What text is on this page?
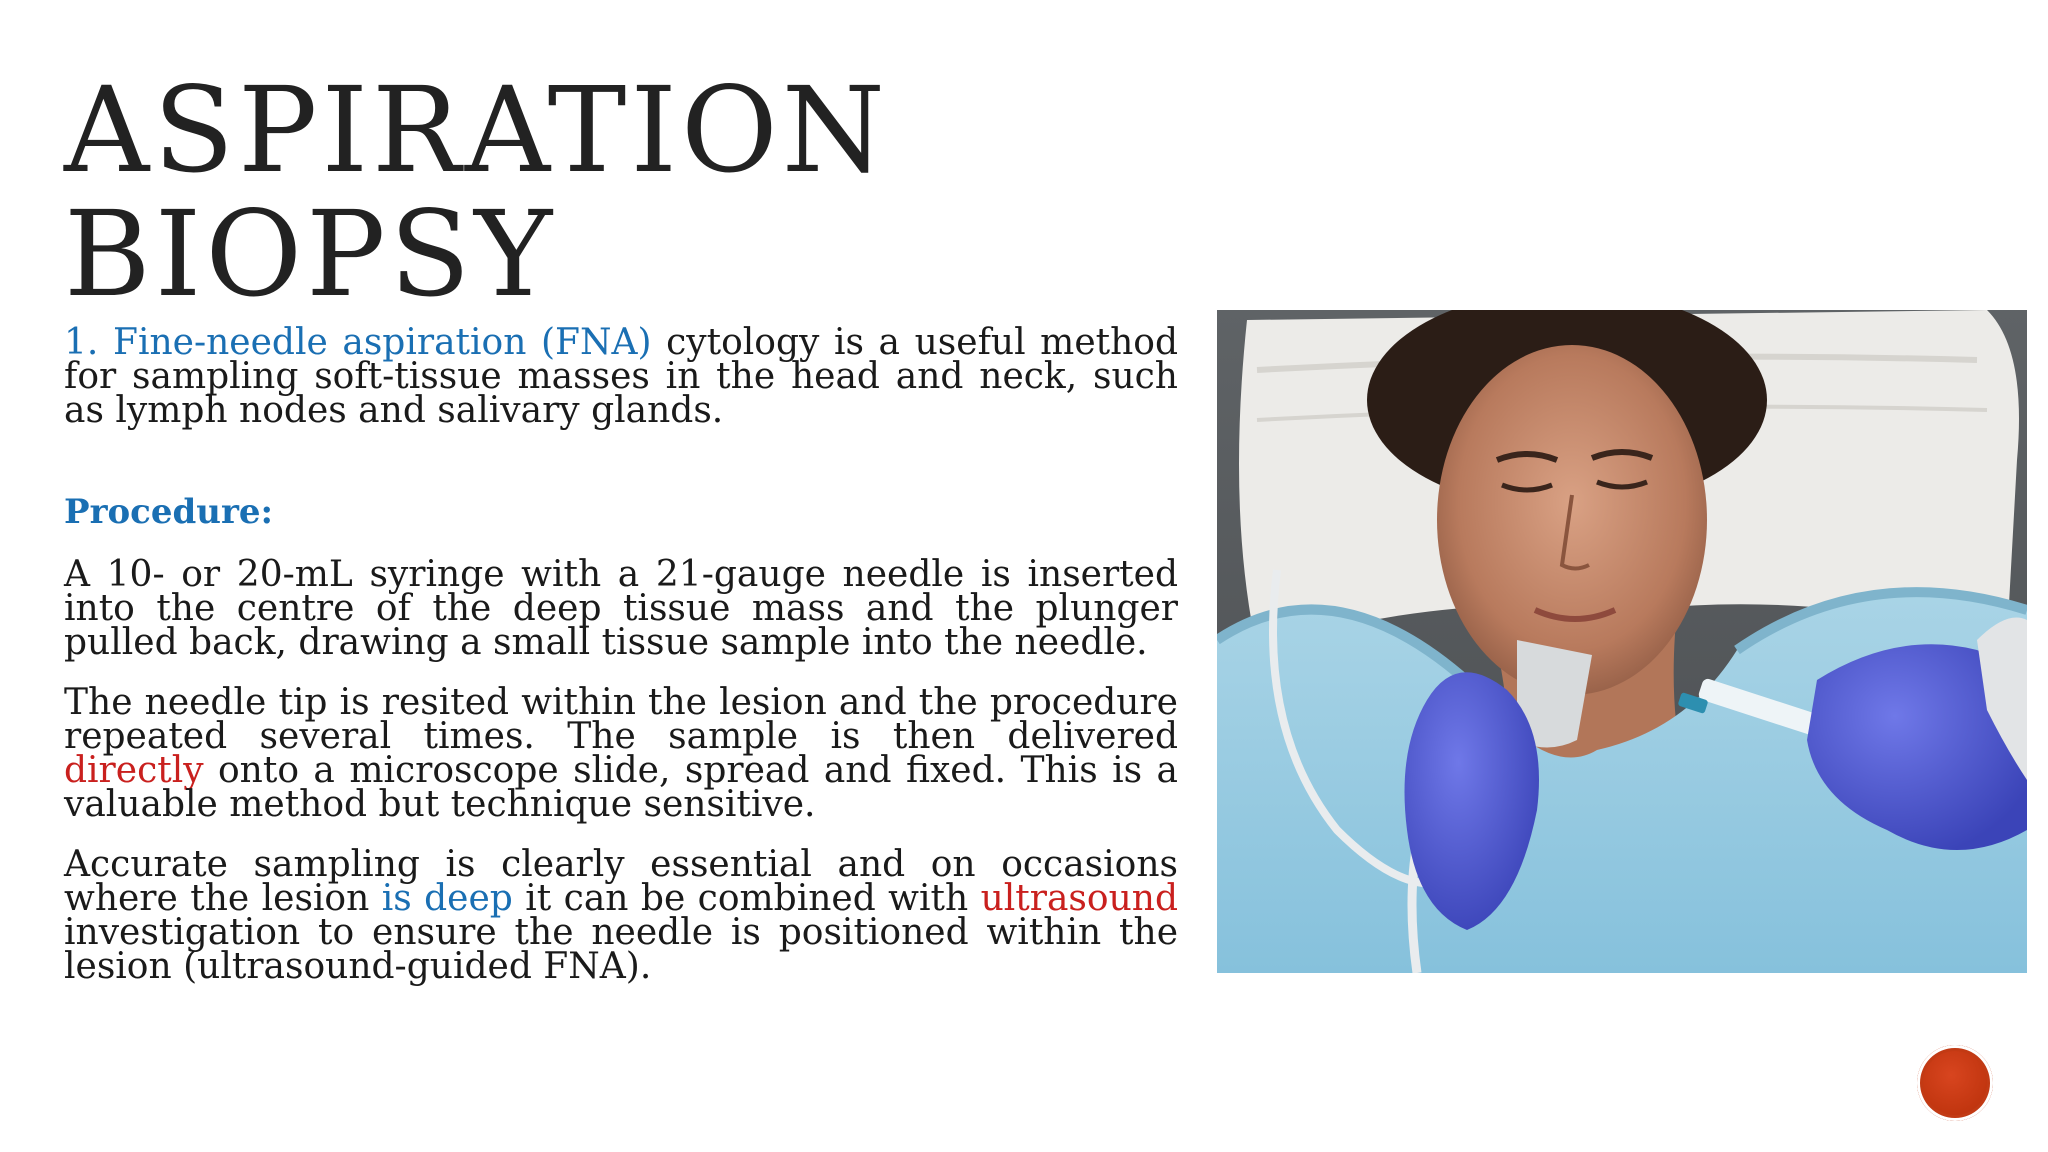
ASPIRATION
BIOPSY

1. Fine-needle aspiration (FNA) cytology is a useful method for sampling soft-tissue masses in the head and neck, such as lymph nodes and salivary glands.

Procedure:

A 10- or 20-mL syringe with a 21-gauge needle is inserted into the centre of the deep tissue mass and the plunger pulled back, drawing a small tissue sample into the needle.

The needle tip is resited within the lesion and the procedure repeated several times. The sample is then delivered directly onto a microscope slide, spread and fixed. This is a valuable method but technique sensitive.

Accurate sampling is clearly essential and on occasions where the lesion is deep it can be combined with ultrasound investigation to ensure the needle is positioned within the lesion (ultrasound-guided FNA).
